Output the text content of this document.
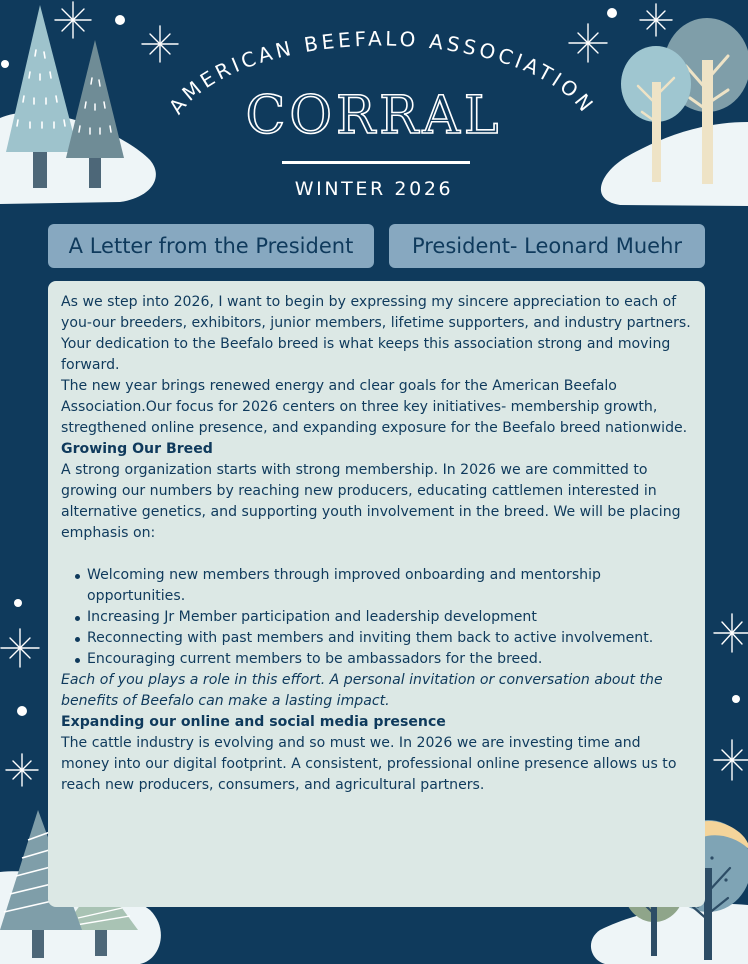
AMERICAN BEEFALO ASSOCIATION
CORRAL
WINTER 2026
A Letter from the President	President- Leonard Muehr

As we step into 2026, I want to begin by expressing my sincere appreciation to each of you-our breeders, exhibitors, junior members, lifetime supporters, and industry partners. Your dedication to the Beefalo breed is what keeps this association strong and moving forward.

The new year brings renewed energy and clear goals for the American Beefalo Association.Our focus for 2026 centers on three key initiatives- membership growth, stregthened online presence, and expanding exposure for the Beefalo breed nationwide.

Growing Our Breed

A strong organization starts with strong membership. In 2026 we are committed to growing our numbers by reaching new producers, educating cattlemen interested in alternative genetics, and supporting youth involvement in the breed. We will be placing emphasis on:

Welcoming new members through improved onboarding and mentorship opportunities.
Increasing Jr Member participation and leadership development
Reconnecting with past members and inviting them back to active involvement.
Encouraging current members to be ambassadors for the breed.

Each of you plays a role in this effort. A personal invitation or conversation about the benefits of Beefalo can make a lasting impact.

Expanding our online and social media presence

The cattle industry is evolving and so must we. In 2026 we are investing time and money into our digital footprint. A consistent, professional online presence allows us to reach new producers, consumers, and agricultural partners.
